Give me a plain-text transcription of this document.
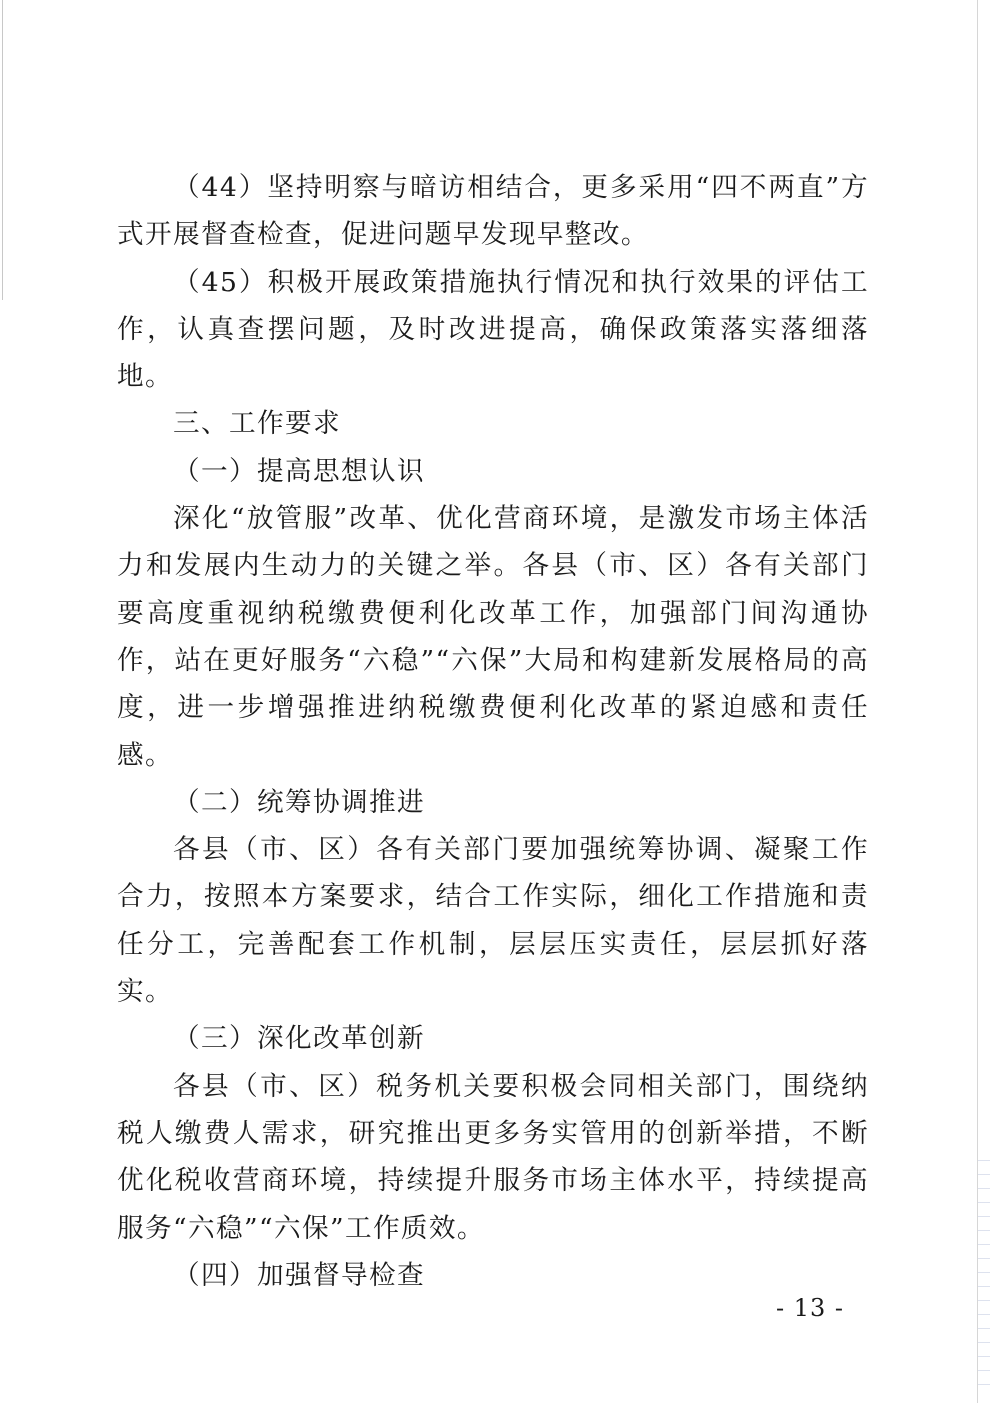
（44）坚持明察与暗访相结合，更多采用“四不两直”方式开展督查检查，促进问题早发现早整改。

（45）积极开展政策措施执行情况和执行效果的评估工作，认真查摆问题，及时改进提高，确保政策落实落细落地。

三、工作要求

（一）提高思想认识

深化“放管服”改革、优化营商环境，是激发市场主体活力和发展内生动力的关键之举。各县（市、区）各有关部门要高度重视纳税缴费便利化改革工作，加强部门间沟通协作，站在更好服务“六稳”“六保”大局和构建新发展格局的高度，进一步增强推进纳税缴费便利化改革的紧迫感和责任感。

（二）统筹协调推进

各县（市、区）各有关部门要加强统筹协调、凝聚工作合力，按照本方案要求，结合工作实际，细化工作措施和责任分工，完善配套工作机制，层层压实责任，层层抓好落实。

（三）深化改革创新

各县（市、区）税务机关要积极会同相关部门，围绕纳税人缴费人需求，研究推出更多务实管用的创新举措，不断优化税收营商环境，持续提升服务市场主体水平，持续提高服务“六稳”“六保”工作质效。

（四）加强督导检查

- 13 -
